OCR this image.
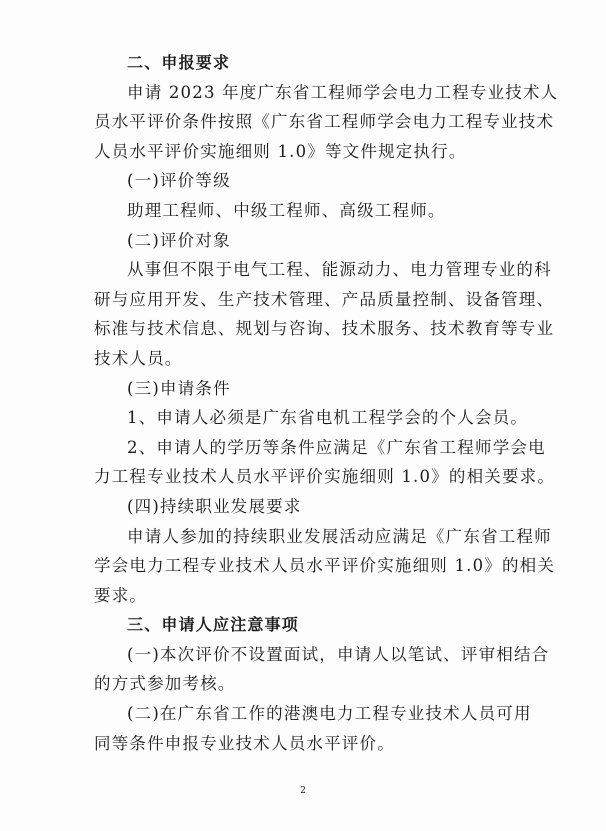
二、申报要求
申请 2023 年度广东省工程师学会电力工程专业技术人
员水平评价条件按照《广东省工程师学会电力工程专业技术
人员水平评价实施细则 1.0》等文件规定执行。
(一)评价等级
助理工程师、中级工程师、高级工程师。
(二)评价对象
从事但不限于电气工程、能源动力、电力管理专业的科
研与应用开发、生产技术管理、产品质量控制、设备管理、
标准与技术信息、规划与咨询、技术服务、技术教育等专业
技术人员。
(三)申请条件
1、申请人必须是广东省电机工程学会的个人会员。
2、申请人的学历等条件应满足《广东省工程师学会电
力工程专业技术人员水平评价实施细则 1.0》的相关要求。
(四)持续职业发展要求
申请人参加的持续职业发展活动应满足《广东省工程师
学会电力工程专业技术人员水平评价实施细则 1.0》的相关
要求。
三、申请人应注意事项
(一)本次评价不设置面试，申请人以笔试、评审相结合
的方式参加考核。
(二)在广东省工作的港澳电力工程专业技术人员可用
同等条件申报专业技术人员水平评价。
2
